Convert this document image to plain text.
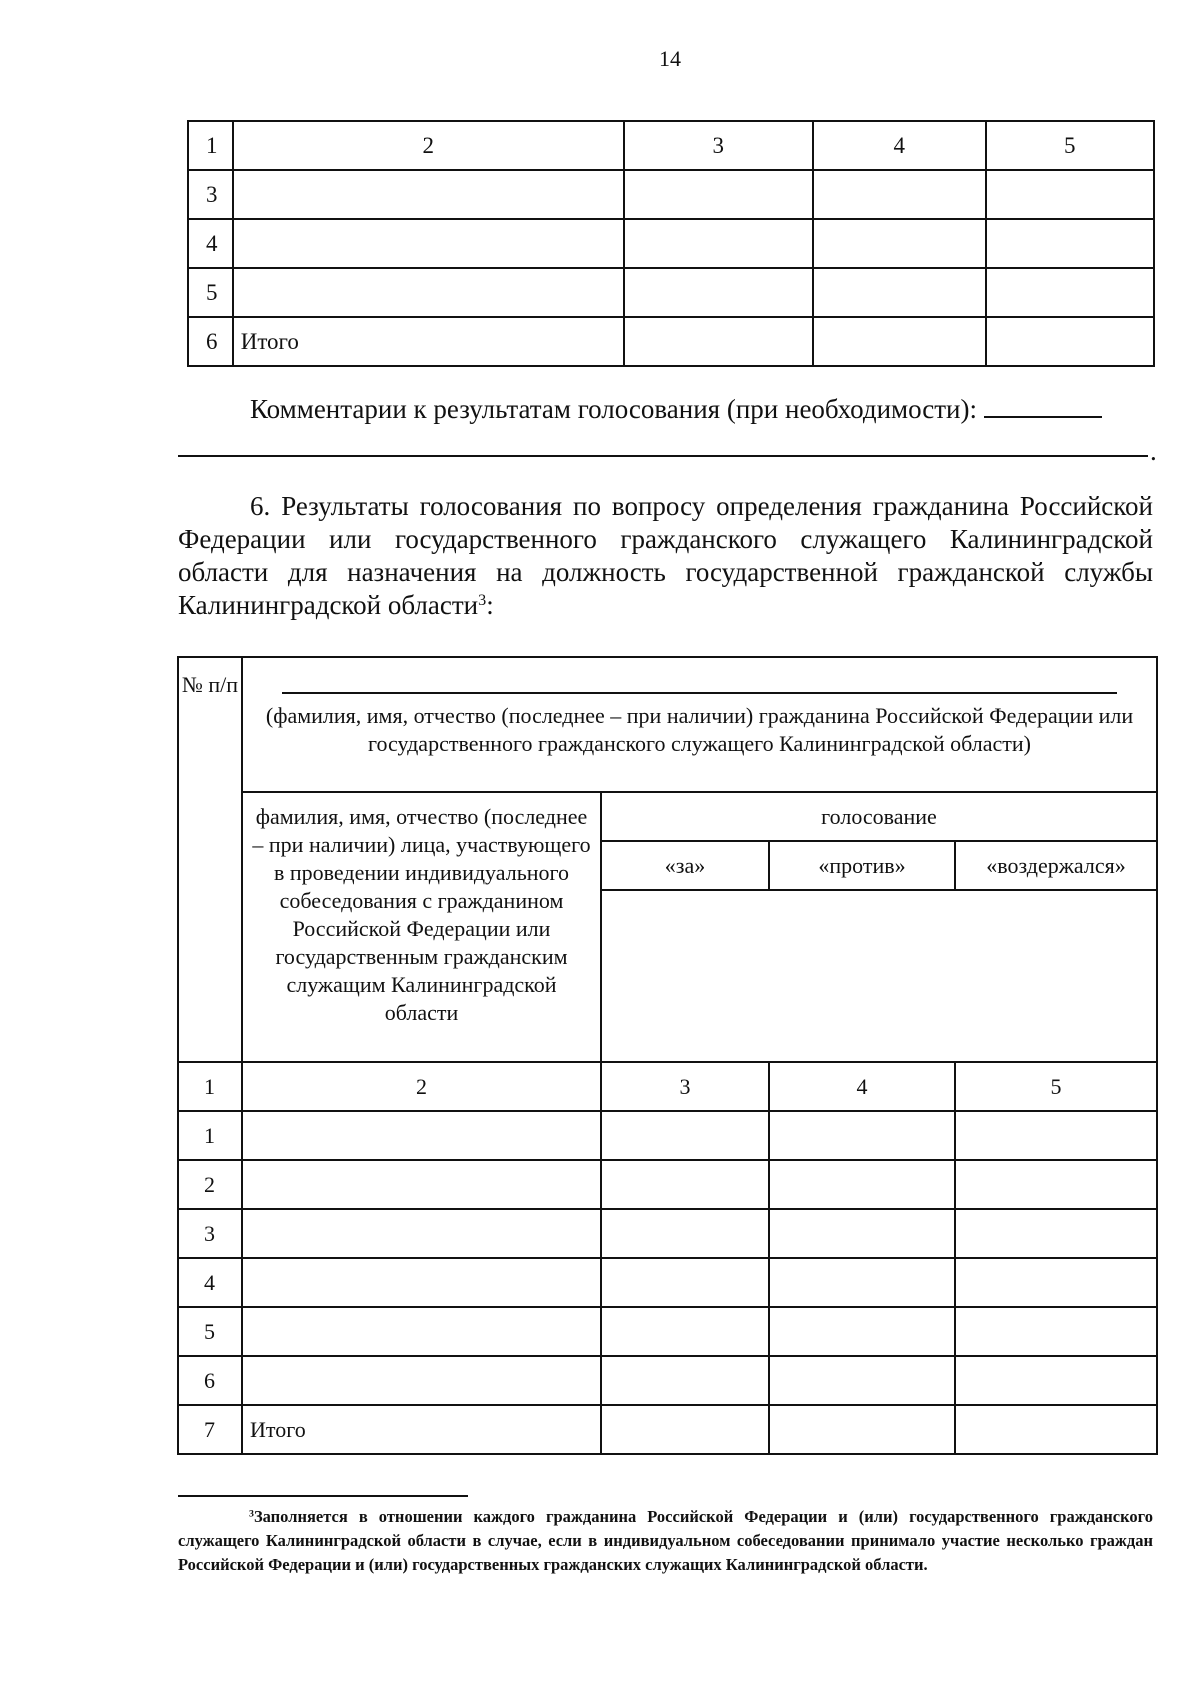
14
1	2	3	4	5
3				
4				
5				
6	Итого			
Комментарии к результатам голосования (при необходимости):
.
6. Результаты голосования по вопросу определения гражданина Российской Федерации или государственного гражданского служащего Калининградской области для назначения на должность государственной гражданской службы Калининградской области$^3$:
№ п/п	(фамилия, имя, отчество (последнее – при наличии) гражданина Российской Федерации или государственного гражданского служащего Калининградской области)			

	фамилия, имя, отчество (последнее – при наличии) лица, участвующего в проведении индивидуального собеседования с гражданином Российской Федерации или государственным гражданским служащим Калининградской области	голосование		
		«за»	«против»	«воздержался»

1	2	3	4	5
1				
2				
3				
4				
5				
6				
7	Итого			
$^3$Заполняется в отношении каждого гражданина Российской Федерации и (или) государственного гражданского служащего Калининградской области в случае, если в индивидуальном собеседовании принимало участие несколько граждан Российской Федерации и (или) государственных гражданских служащих Калининградской области.
